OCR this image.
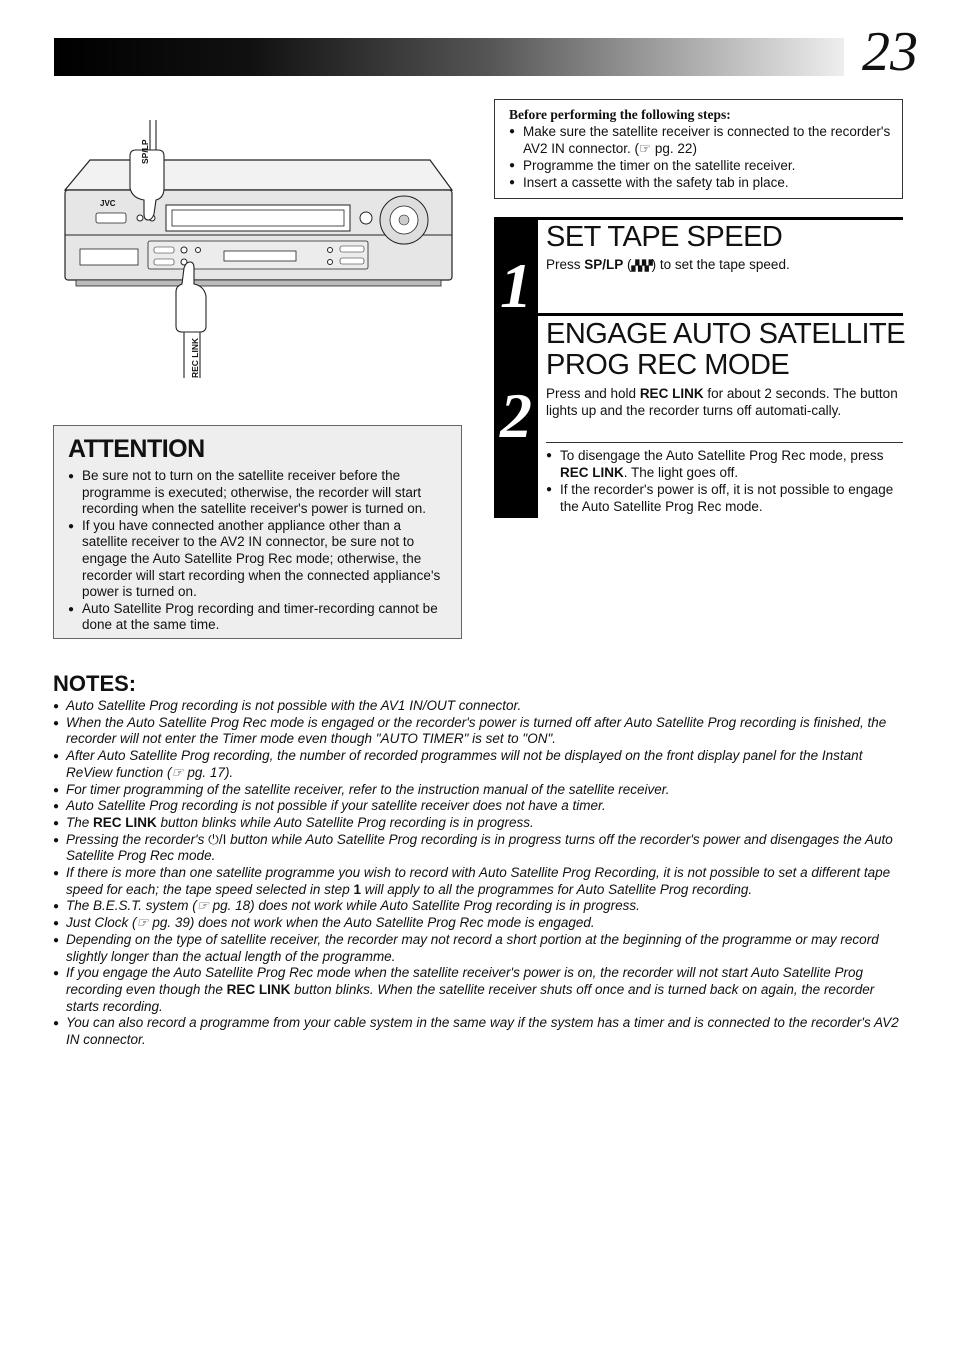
23
Before performing the following steps:
● Make sure the satellite receiver is connected to the recorder's AV2 IN connector. (☞ pg. 22)
● Programme the timer on the satellite receiver.
● Insert a cassette with the safety tab in place.
JVC
SP/LP
REC LINK
ATTENTION
● Be sure not to turn on the satellite receiver before the programme is executed; otherwise, the recorder will start recording when the satellite receiver's power is turned on.
● If you have connected another appliance other than a satellite receiver to the AV2 IN connector, be sure not to engage the Auto Satellite Prog Rec mode; otherwise, the recorder will start recording when the connected appliance's power is turned on.
● Auto Satellite Prog recording and timer-recording cannot be done at the same time.
1
2
SET TAPE SPEED
Press SP/LP (▞▞▞) to set the tape speed.
ENGAGE AUTO SATELLITE
PROG REC MODE
Press and hold REC LINK for about 2 seconds. The button lights up and the recorder turns off automati-cally.
● To disengage the Auto Satellite Prog Rec mode, press REC LINK. The light goes off.
● If the recorder's power is off, it is not possible to engage the Auto Satellite Prog Rec mode.
NOTES:
● Auto Satellite Prog recording is not possible with the AV1 IN/OUT connector.
● When the Auto Satellite Prog Rec mode is engaged or the recorder's power is turned off after Auto Satellite Prog recording is finished, the recorder will not enter the Timer mode even though "AUTO TIMER" is set to "ON".
● After Auto Satellite Prog recording, the number of recorded programmes will not be displayed on the front display panel for the Instant ReView function (☞ pg. 17).
● For timer programming of the satellite receiver, refer to the instruction manual of the satellite receiver.
● Auto Satellite Prog recording is not possible if your satellite receiver does not have a timer.
● The REC LINK button blinks while Auto Satellite Prog recording is in progress.
● Pressing the recorder's ⏻/I button while Auto Satellite Prog recording is in progress turns off the recorder's power and disengages the Auto Satellite Prog Rec mode.
● If there is more than one satellite programme you wish to record with Auto Satellite Prog Recording, it is not possible to set a different tape speed for each; the tape speed selected in step 1 will apply to all the programmes for Auto Satellite Prog recording.
● The B.E.S.T. system (☞ pg. 18) does not work while Auto Satellite Prog recording is in progress.
● Just Clock (☞ pg. 39) does not work when the Auto Satellite Prog Rec mode is engaged.
● Depending on the type of satellite receiver, the recorder may not record a short portion at the beginning of the programme or may record slightly longer than the actual length of the programme.
● If you engage the Auto Satellite Prog Rec mode when the satellite receiver's power is on, the recorder will not start Auto Satellite Prog recording even though the REC LINK button blinks. When the satellite receiver shuts off once and is turned back on again, the recorder starts recording.
● You can also record a programme from your cable system in the same way if the system has a timer and is connected to the recorder's AV2 IN connector.
